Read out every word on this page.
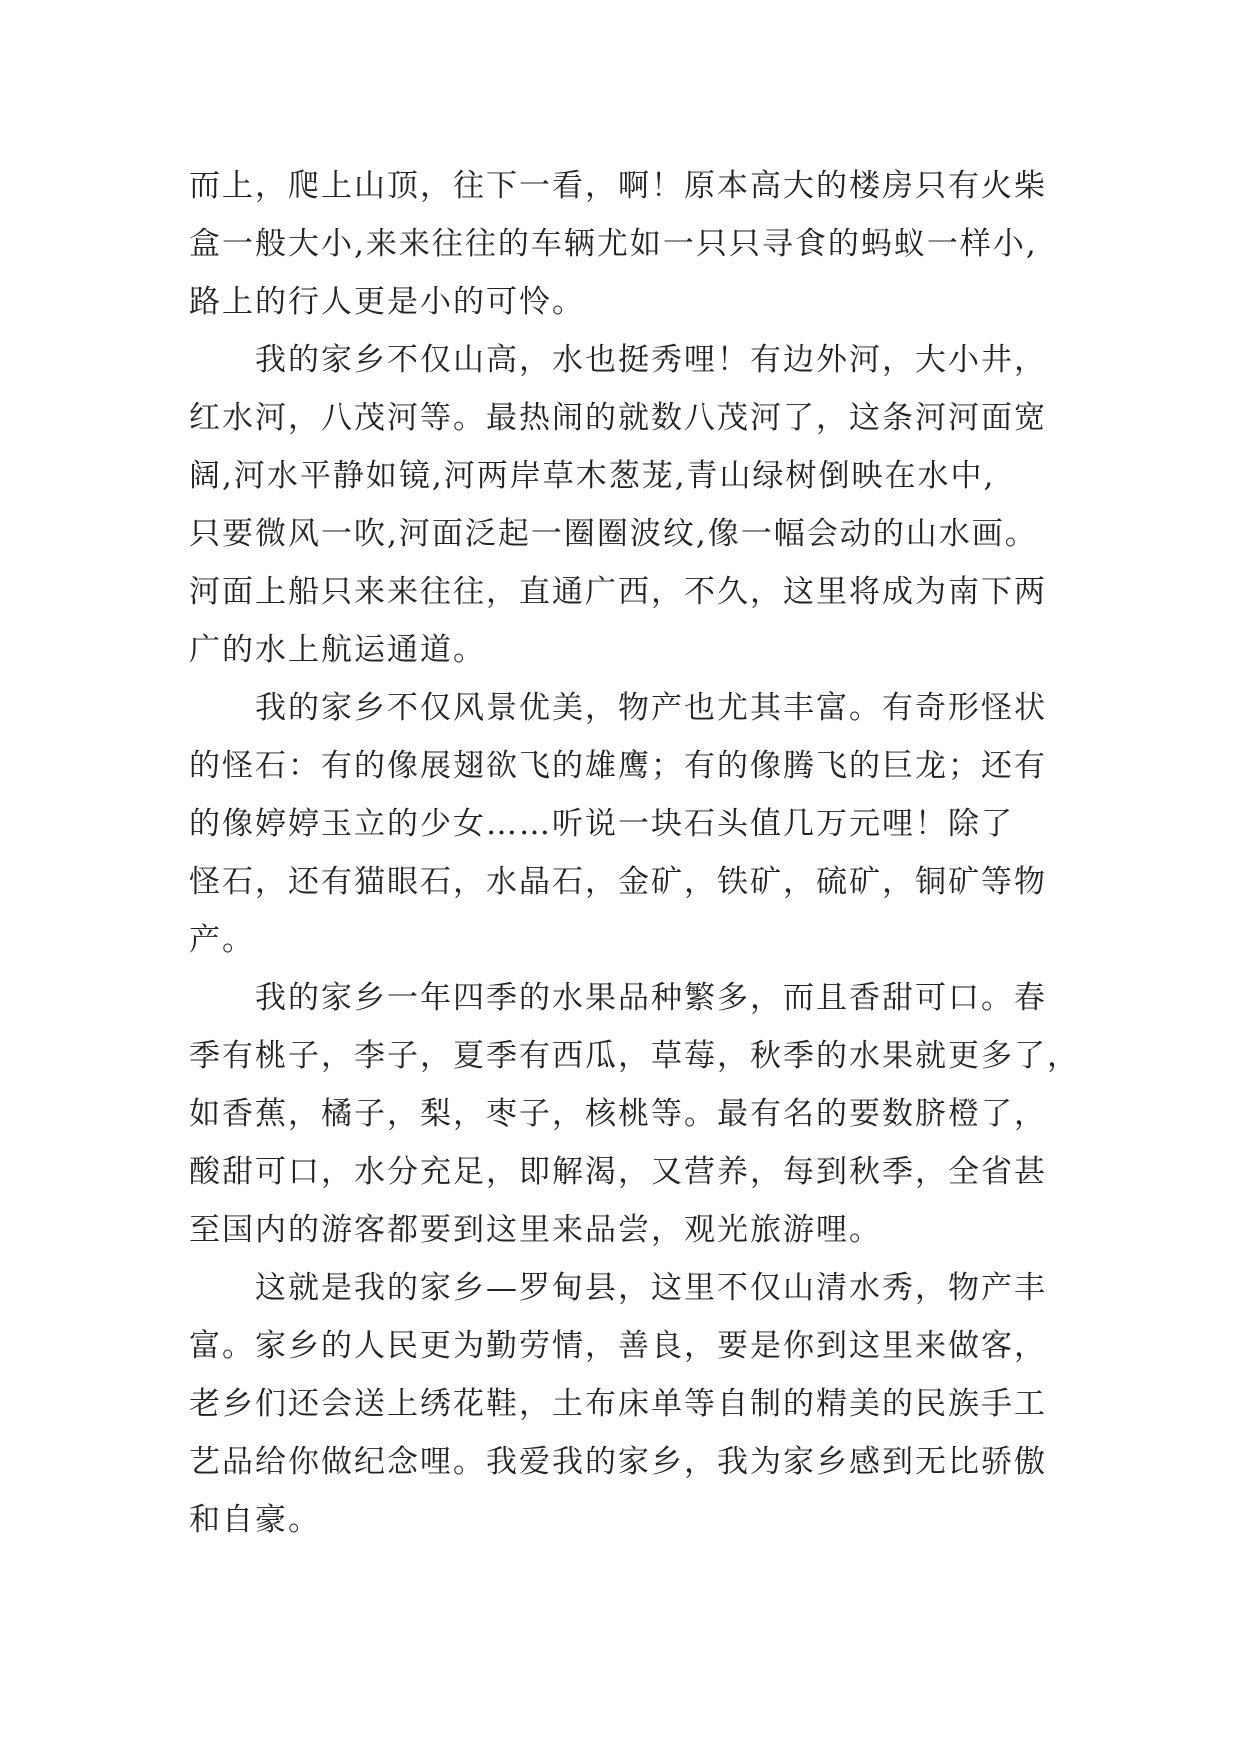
而上，爬上山顶，往下一看，啊！原本高大的楼房只有火柴
盒一般大小,来来往往的车辆尤如一只只寻食的蚂蚁一样小,
路上的行人更是小的可怜。
我的家乡不仅山高，水也挺秀哩！有边外河，大小井，
红水河，八茂河等。最热闹的就数八茂河了，这条河河面宽
阔,河水平静如镜,河两岸草木葱茏,青山绿树倒映在水中,
只要微风一吹,河面泛起一圈圈波纹,像一幅会动的山水画。
河面上船只来来往往，直通广西，不久，这里将成为南下两
广的水上航运通道。
我的家乡不仅风景优美，物产也尤其丰富。有奇形怪状
的怪石：有的像展翅欲飞的雄鹰；有的像腾飞的巨龙；还有
的像婷婷玉立的少女……听说一块石头值几万元哩！除了
怪石，还有猫眼石，水晶石，金矿，铁矿，硫矿，铜矿等物
产。
我的家乡一年四季的水果品种繁多，而且香甜可口。春
季有桃子，李子，夏季有西瓜，草莓，秋季的水果就更多了，
如香蕉，橘子，梨，枣子，核桃等。最有名的要数脐橙了，
酸甜可口，水分充足，即解渴，又营养，每到秋季，全省甚
至国内的游客都要到这里来品尝，观光旅游哩。
这就是我的家乡—罗甸县，这里不仅山清水秀，物产丰
富。家乡的人民更为勤劳情，善良，要是你到这里来做客，
老乡们还会送上绣花鞋，土布床单等自制的精美的民族手工
艺品给你做纪念哩。我爱我的家乡，我为家乡感到无比骄傲
和自豪。
